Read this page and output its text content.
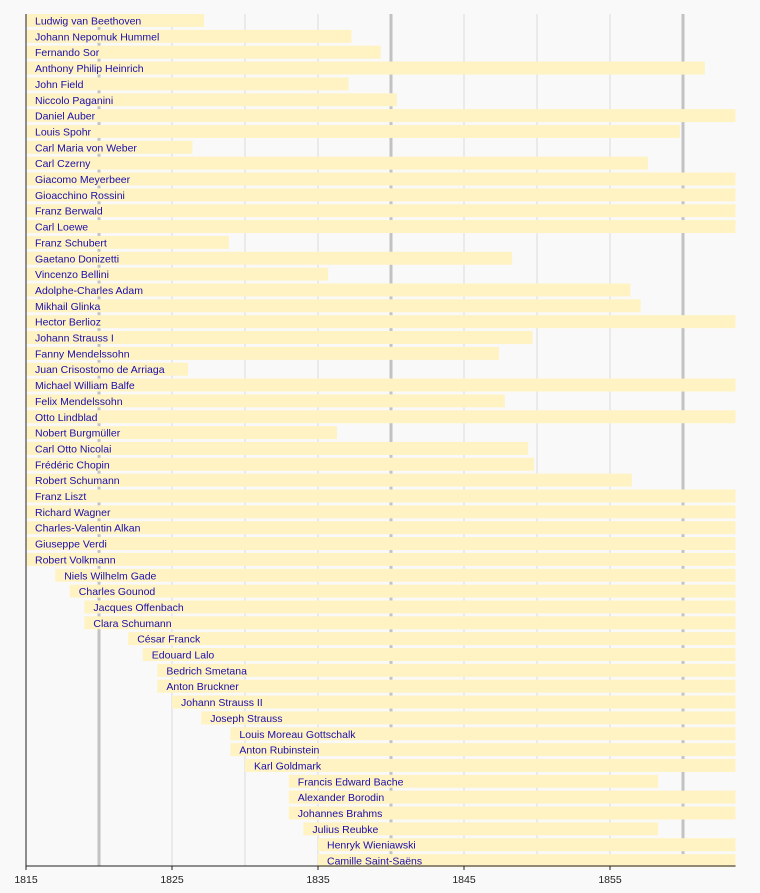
Ludwig van Beethoven
Johann Nepomuk Hummel
Fernando Sor
Anthony Philip Heinrich
John Field
Niccolo Paganini
Daniel Auber
Louis Spohr
Carl Maria von Weber
Carl Czerny
Giacomo Meyerbeer
Gioacchino Rossini
Franz Berwald
Carl Loewe
Franz Schubert
Gaetano Donizetti
Vincenzo Bellini
Adolphe-Charles Adam
Mikhail Glinka
Hector Berlioz
Johann Strauss I
Fanny Mendelssohn
Juan Crisostomo de Arriaga
Michael William Balfe
Felix Mendelssohn
Otto Lindblad
Nobert Burgmüller
Carl Otto Nicolai
Frédéric Chopin
Robert Schumann
Franz Liszt
Richard Wagner
Charles-Valentin Alkan
Giuseppe Verdi
Robert Volkmann
Niels Wilhelm Gade
Charles Gounod
Jacques Offenbach
Clara Schumann
César Franck
Edouard Lalo
Bedrich Smetana
Anton Bruckner
Johann Strauss II
Joseph Strauss
Louis Moreau Gottschalk
Anton Rubinstein
Karl Goldmark
Francis Edward Bache
Alexander Borodin
Johannes Brahms
Julius Reubke
Henryk Wieniawski
Camille Saint-Saëns
1815	1825	1835	1845	1855
